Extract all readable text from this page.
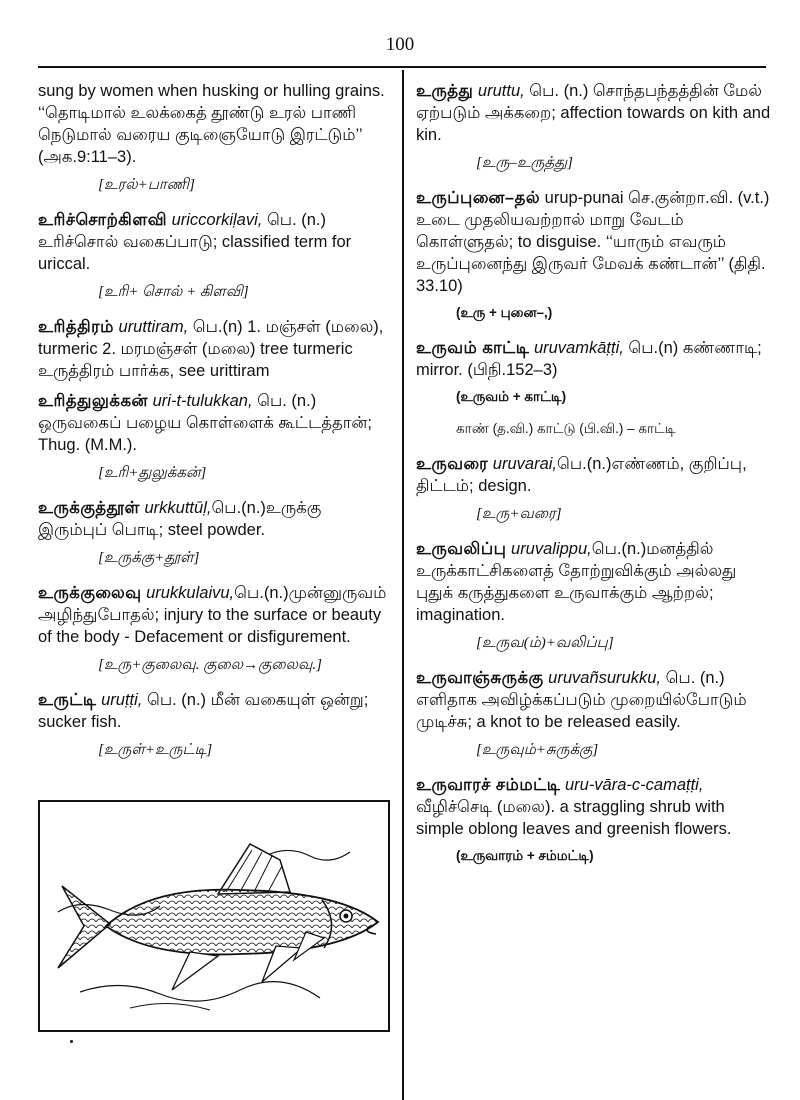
100
sung by women when husking or hulling grains. ‘‘தொடிமால் உலக்கைத் தூண்டு உரல் பாணி நெடுமால் வரைய குடிஞையோடு இரட்டும்’’ (அக.9:11–3).
[உரல்+பாணி]
உரிச்சொற்கிளவி uriccorkiḷavi, பெ. (n.) உரிச்சொல் வகைப்பாடு; classified term for uriccal.
[உரி+ சொல் + கிளவி]
உரித்திரம் uruttiram, பெ.(n) 1. மஞ்சள் (மலை), turmeric 2. மரமஞ்சள் (மலை) tree turmeric உருத்திரம் பார்க்க, see urittiram
உரித்துலுக்கன் uri-t-tulukkan, பெ. (n.) ஒருவகைப் பழைய கொள்ளைக் கூட்டத்தான்; Thug. (M.M.).
[உரி+துலுக்கன்]
உருக்குத்தூள் urkkuttūḷ,பெ.(n.)உருக்கு இரும்புப் பொடி; steel powder.
[உருக்கு+தூள்]
உருக்குலைவு urukkulaivu,பெ.(n.)முன்னுருவம் அழிந்துபோதல்; injury to the surface or beauty of the body - Defacement or disfigurement.
[உரு+குலைவு. குலை→குலைவு.]
உருட்டி uruṭṭi, பெ. (n.) மீன் வகையுள் ஒன்று; sucker fish.
[உருள்+உருட்டி]
உருத்து uruttu, பெ. (n.) சொந்தபந்தத்தின் மேல் ஏற்படும் அக்கறை; affection towards on kith and kin.
[உரு–உருத்து]
உருப்புனை–தல் urup-punai செ.குன்றா.வி. (v.t.) உடை முதலியவற்றால் மாறு வேடம் கொள்ளுதல்; to disguise. ‘‘யாரும் எவரும் உருப்புனைந்து இருவர் மேவக் கண்டான்’’ (திதி. 33.10)
(உரு + புனை–,)
உருவம் காட்டி uruvamkāṭṭi, பெ.(n) கண்ணாடி; mirror. (பிநி.152–3)
(உருவம் + காட்டி)
காண் (த.வி.) காட்டு (பி.வி.) – காட்டி
உருவரை uruvarai,பெ.(n.)எண்ணம், குறிப்பு, திட்டம்; design.
[உரு+வரை]
உருவலிப்பு uruvalippu,பெ.(n.)மனத்தில் உருக்காட்சிகளைத் தோற்றுவிக்கும் அல்லது புதுக் கருத்துகளை உருவாக்கும் ஆற்றல்; imagination.
[உருவ(ம்)+வலிப்பு]
உருவாஞ்சுருக்கு uruvañsurukku, பெ. (n.) எளிதாக அவிழ்க்கப்படும் முறையில்போடும் முடிச்சு; a knot to be released easily.
[உருவும்+சுருக்கு]
உருவாரச் சம்மட்டி uru-vāra-c-camaṭṭi, வீழிச்செடி (மலை). a straggling shrub with simple oblong leaves and greenish flowers.
(உருவாரம் + சம்மட்டி)
